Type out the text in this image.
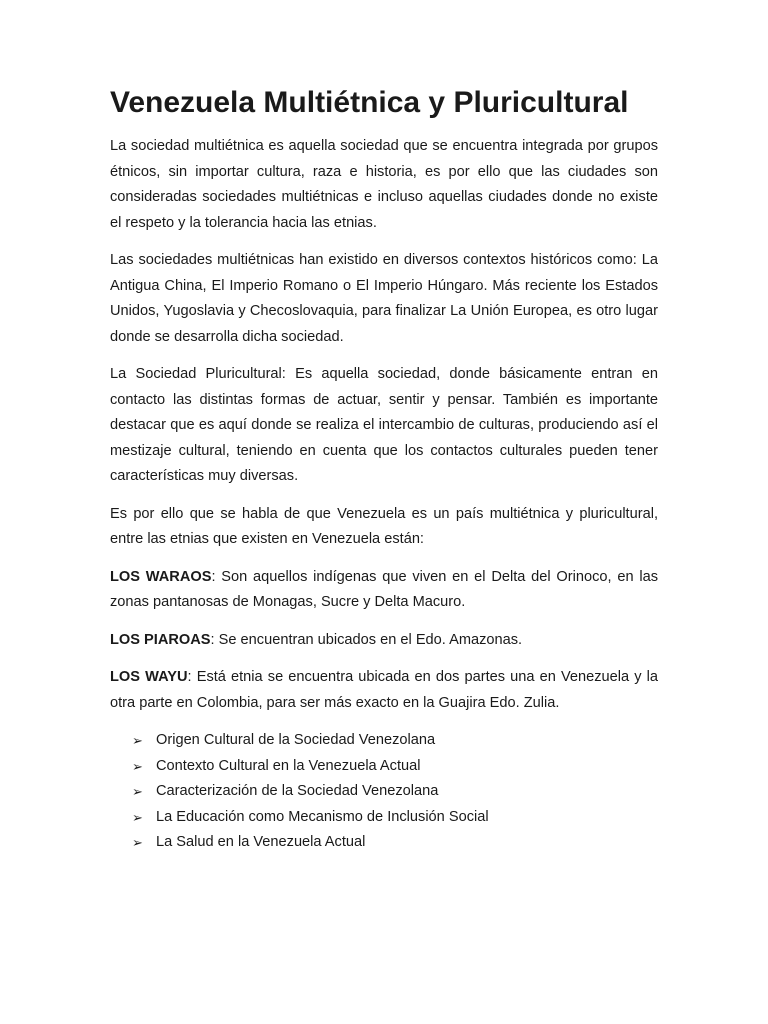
Venezuela Multiétnica y Pluricultural

La sociedad multiétnica es aquella sociedad que se encuentra integrada por grupos étnicos, sin importar cultura, raza e historia, es por ello que las ciudades son consideradas sociedades multiétnicas e incluso aquellas ciudades donde no existe el respeto y la tolerancia hacia las etnias.

Las sociedades multiétnicas han existido en diversos contextos históricos como: La Antigua China, El Imperio Romano o El Imperio Húngaro. Más reciente los Estados Unidos, Yugoslavia y Checoslovaquia, para finalizar La Unión Europea, es otro lugar donde se desarrolla dicha sociedad.

La Sociedad Pluricultural: Es aquella sociedad, donde básicamente entran en contacto las distintas formas de actuar, sentir y pensar. También es importante destacar que es aquí donde se realiza el intercambio de culturas, produciendo así el mestizaje cultural, teniendo en cuenta que los contactos culturales pueden tener características muy diversas.

Es por ello que se habla de que Venezuela es un país multiétnica y pluricultural, entre las etnias que existen en Venezuela están:

LOS WARAOS: Son aquellos indígenas que viven en el Delta del Orinoco, en las zonas pantanosas de Monagas, Sucre y Delta Macuro.

LOS PIAROAS: Se encuentran ubicados en el Edo. Amazonas.

LOS WAYU: Está etnia se encuentra ubicada en dos partes una en Venezuela y la otra parte en Colombia, para ser más exacto en la Guajira Edo. Zulia.

➢ Origen Cultural de la Sociedad Venezolana
➢ Contexto Cultural en la Venezuela Actual
➢ Caracterización de la Sociedad Venezolana
➢ La Educación como Mecanismo de Inclusión Social
➢ La Salud en la Venezuela Actual
